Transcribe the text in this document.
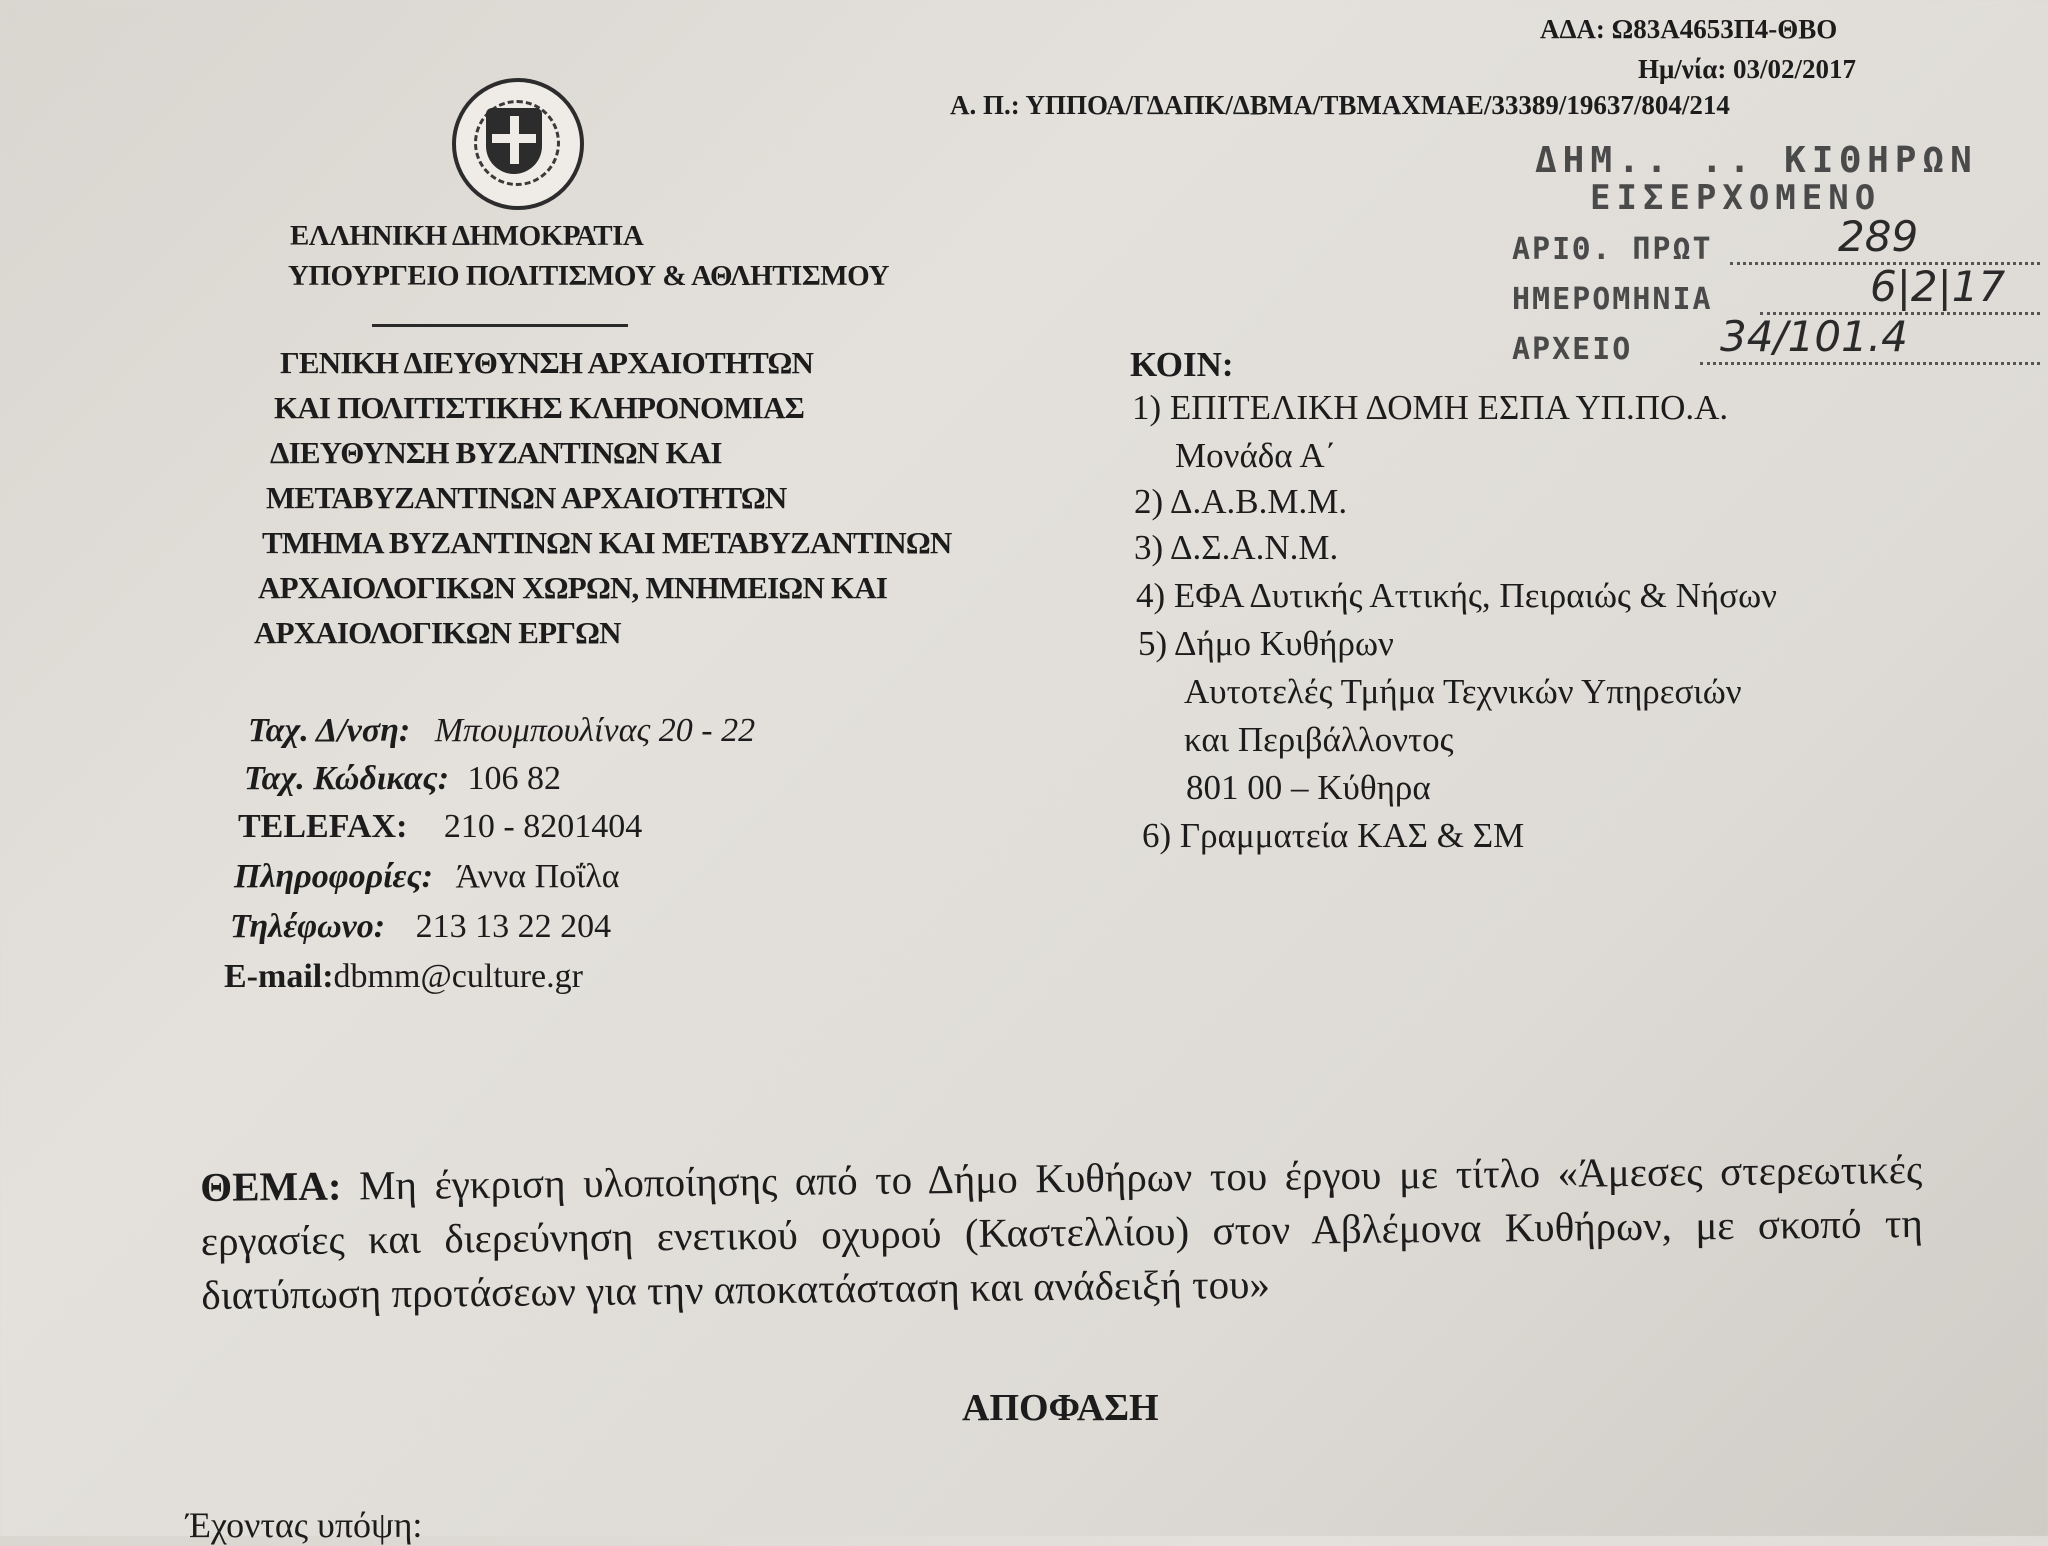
ΑΔΑ: Ω83Α4653Π4-ΘΒΟ
Ημ/νία: 03/02/2017
Α. Π.: ΥΠΠΟΑ/ΓΔΑΠΚ/ΔΒΜΑ/ΤΒΜΑΧΜΑΕ/33389/19637/804/214
ΔΗΜ.. .. ΚΙΘΗΡΩΝ
ΕΙΣΕΡΧΟΜΕΝΟ
ΑΡΙΘ. ΠΡΩΤ	289
ΗΜΕΡΟΜΗΝΙΑ	6|2|17
ΑΡΧΕΙΟ 34/101.4
ΕΛΛΗΝΙΚΗ ΔΗΜΟΚΡΑΤΙΑ
ΥΠΟΥΡΓΕΙΟ ΠΟΛΙΤΙΣΜΟΥ & ΑΘΛΗΤΙΣΜΟΥ
ΓΕΝΙΚΗ ΔΙΕΥΘΥΝΣΗ ΑΡΧΑΙΟΤΗΤΩΝ
ΚΑΙ ΠΟΛΙΤΙΣΤΙΚΗΣ ΚΛΗΡΟΝΟΜΙΑΣ
ΔΙΕΥΘΥΝΣΗ ΒΥΖΑΝΤΙΝΩΝ ΚΑΙ
ΜΕΤΑΒΥΖΑΝΤΙΝΩΝ ΑΡΧΑΙΟΤΗΤΩΝ
ΤΜΗΜΑ ΒΥΖΑΝΤΙΝΩΝ ΚΑΙ ΜΕΤΑΒΥΖΑΝΤΙΝΩΝ
ΑΡΧΑΙΟΛΟΓΙΚΩΝ ΧΩΡΩΝ, ΜΝΗΜΕΙΩΝ ΚΑΙ
ΑΡΧΑΙΟΛΟΓΙΚΩΝ ΕΡΓΩΝ
ΚΟΙΝ:
1) ΕΠΙΤΕΛΙΚΗ ΔΟΜΗ ΕΣΠΑ ΥΠ.ΠΟ.Α.
Μονάδα Α΄
2) Δ.Α.Β.Μ.Μ.
3) Δ.Σ.Α.Ν.Μ.
4) ΕΦΑ Δυτικής Αττικής, Πειραιώς & Νήσων
5) Δήμο Κυθήρων
Αυτοτελές Τμήμα Τεχνικών Υπηρεσιών
και Περιβάλλοντος
801 00 – Κύθηρα
6) Γραμματεία ΚΑΣ & ΣΜ
Ταχ. Δ/νση: Μπουμπουλίνας 20 - 22
Ταχ. Κώδικας: 106 82
TELEFAX: 210 - 8201404
Πληροφορίες: Άννα Ποΐλα
Τηλέφωνο: 213 13 22 204
E-mail:dbmm@culture.gr
ΘΕΜΑ: Μη έγκριση υλοποίησης από το Δήμο Κυθήρων του έργου με τίτλο «Άμεσες στερεωτικές εργασίες και διερεύνηση ενετικού οχυρού (Καστελλίου) στον Αβλέμονα Κυθήρων, με σκοπό τη διατύπωση προτάσεων για την αποκατάσταση και ανάδειξή του»
ΑΠΟΦΑΣΗ
Έχοντας υπόψη:
